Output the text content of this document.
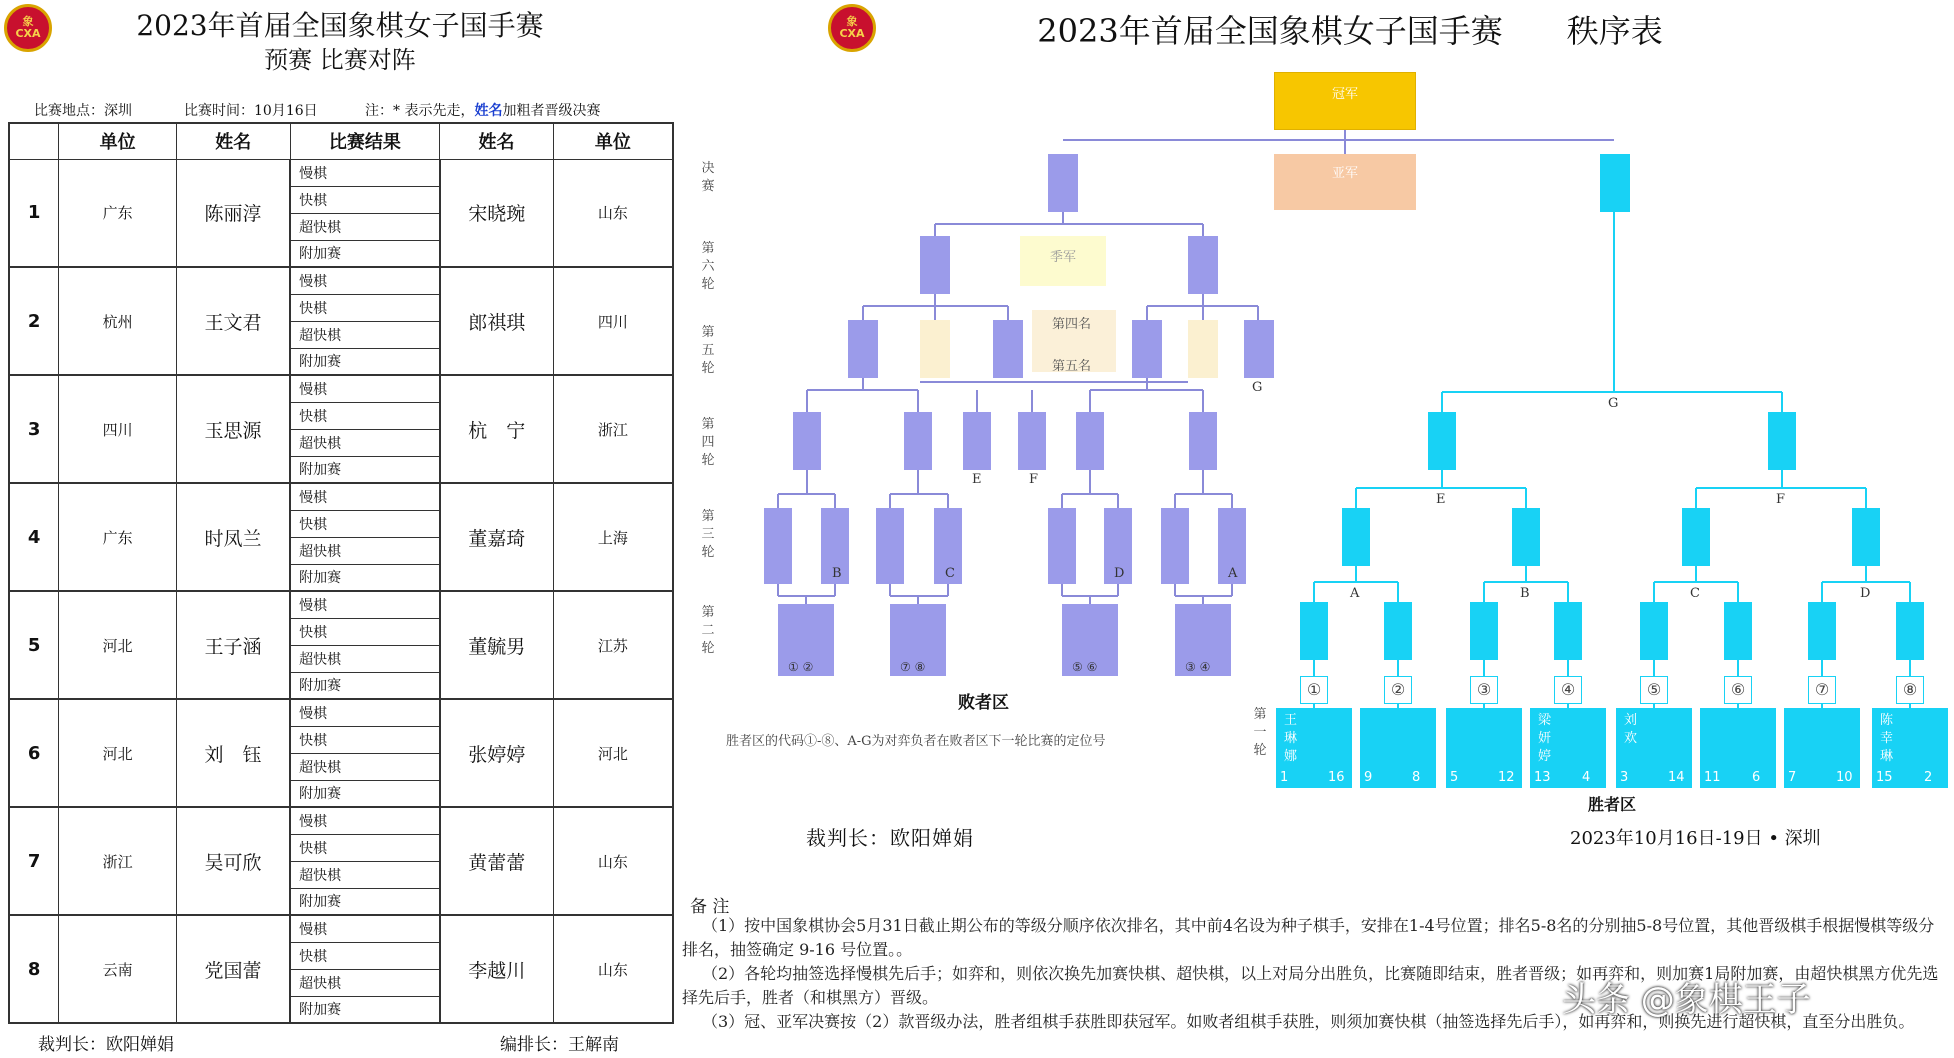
象
CXA	2023年首届全国象棋女子国手赛
预赛 比赛对阵
比赛地点：深圳	比赛时间：10月16日	注：* 表示先走，姓名加粗者晋级决赛
	单位	姓名	比赛结果	姓名	单位
1	广东	陈丽淳	慢棋	宋晓琬	山东
			快棋		
			超快棋		
			附加赛		
2	杭州	王文君	慢棋	郎祺琪	四川
			快棋		
			超快棋		
			附加赛		
3	四川	玉思源	慢棋	杭　宁	浙江
			快棋		
			超快棋		
			附加赛		
4	广东	时凤兰	慢棋	董嘉琦	上海
			快棋		
			超快棋		
			附加赛		
5	河北	王子涵	慢棋	董毓男	江苏
			快棋		
			超快棋		
			附加赛		
6	河北	刘　钰	慢棋	张婷婷	河北
			快棋		
			超快棋		
			附加赛		
7	浙江	吴可欣	慢棋	黄蕾蕾	山东
			快棋		
			超快棋		
			附加赛		
8	云南	党国蕾	慢棋	李越川	山东
			快棋		
			超快棋		
			附加赛		
裁判长：欧阳婵娟	编排长：王解南
象
CXA	2023年首届全国象棋女子国手赛　　秩序表
冠军
亚军
季军
第四名
第五名
G
E	F
B	C	D	A
① ②	⑦ ⑧	⑤ ⑥	③ ④
决赛
第六轮
第五轮
第四轮
第三轮
第二轮
第一轮
G
E	F
A	B	C	D
①
王琳娜
1	16
②
9	8
③
5	12
④
梁妍婷
13 4
⑤
刘欢
3	14
⑥
11 6
⑦
7	10
⑧
陈幸琳
15 2
败者区
胜者区
胜者区的代码①-⑧、A-G为对弈负者在败者区下一轮比赛的定位号
裁判长：欧阳婵娟	2023年10月16日-19日 • 深圳
备 注
（1）按中国象棋协会5月31日截止期公布的等级分顺序依次排名，其中前4名设为种子棋手，安排在1-4号位置；排名5-8名的分别抽5-8号位置，其他晋级棋手根据慢棋等级分排名，抽签确定 9-16 号位置。。
（2）各轮均抽签选择慢棋先后手；如弈和，则依次换先加赛快棋、超快棋，以上对局分出胜负，比赛随即结束，胜者晋级；如再弈和，则加赛1局附加赛，由超快棋黑方优先选择先后手，胜者（和棋黑方）晋级。
（3）冠、亚军决赛按（2）款晋级办法，胜者组棋手获胜即获冠军。如败者组棋手获胜，则须加赛快棋（抽签选择先后手），如再弈和，则换先进行超快棋，直至分出胜负。
头条 @象棋王子
